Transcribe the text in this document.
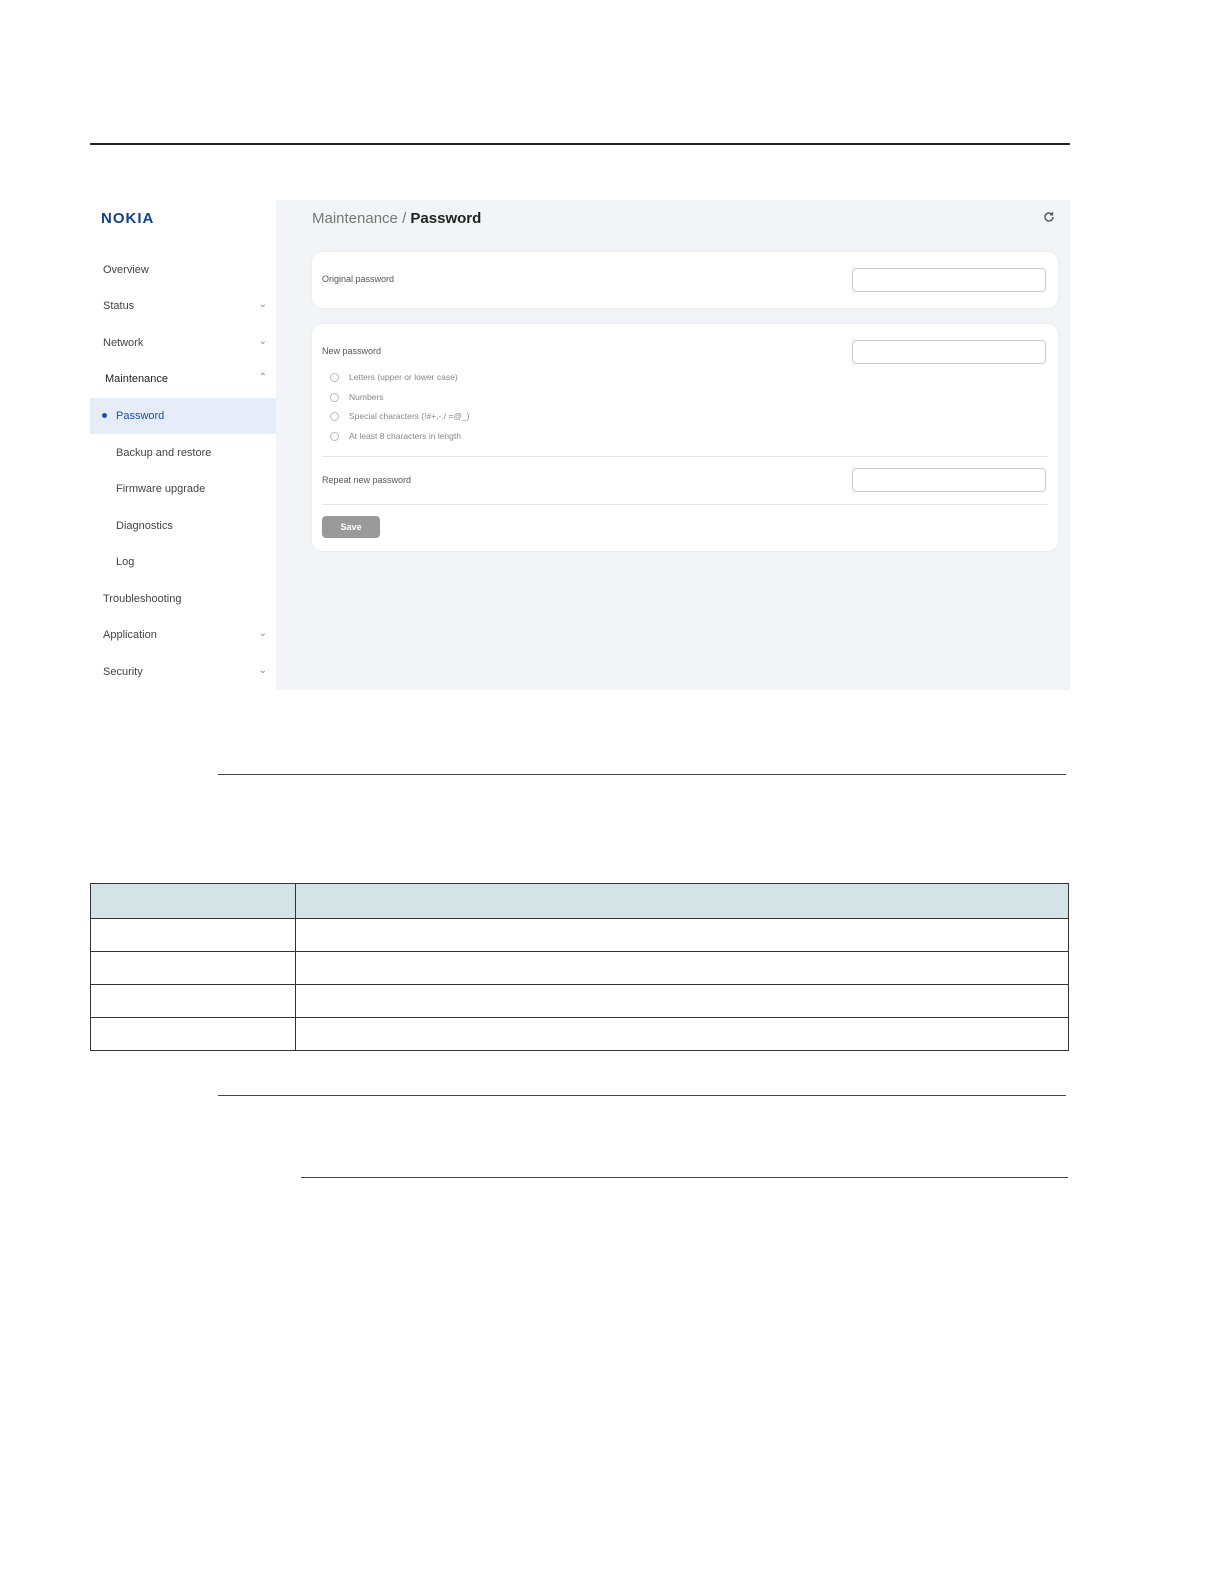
NOKIA
Overview
Status	⌄
Network	⌄
Maintenance	⌃
Password
Backup and restore
Firmware upgrade
Diagnostics
Log
Troubleshooting
Application	⌄
Security	⌄
Maintenance / Password
Original password
New password
Letters (upper or lower case)
Numbers
Special characters (!#+,-./ =@_)
At least 8 characters in length
Repeat new password
Save
